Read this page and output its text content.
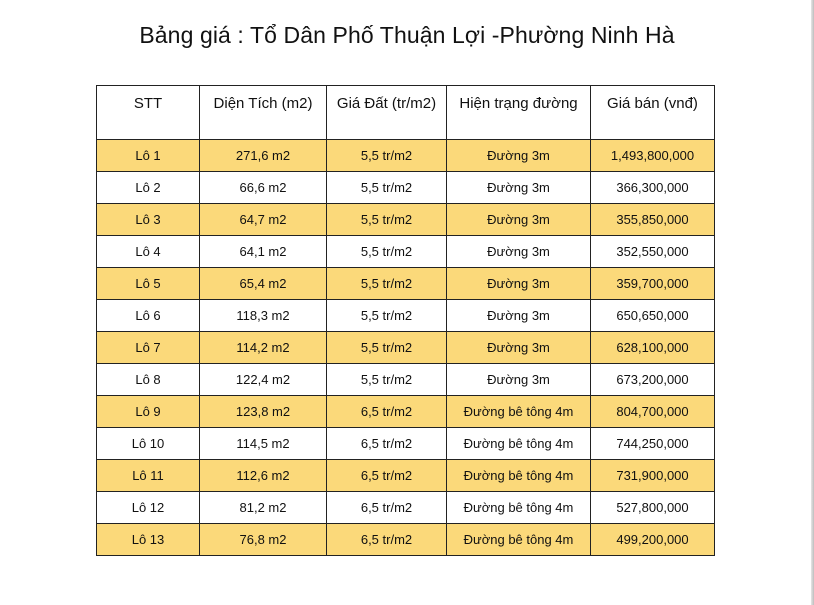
Bảng giá : Tổ Dân Phố Thuận Lợi -Phường Ninh Hà
STT	Diện Tích (m2)	Giá Đất (tr/m2)	Hiện trạng đường	Giá bán (vnđ)
Lô 1	271,6 m2	5,5 tr/m2	Đường 3m	1,493,800,000
Lô 2	66,6 m2	5,5 tr/m2	Đường 3m	366,300,000
Lô 3	64,7 m2	5,5 tr/m2	Đường 3m	355,850,000
Lô 4	64,1 m2	5,5 tr/m2	Đường 3m	352,550,000
Lô 5	65,4 m2	5,5 tr/m2	Đường 3m	359,700,000
Lô 6	118,3 m2	5,5 tr/m2	Đường 3m	650,650,000
Lô 7	114,2 m2	5,5 tr/m2	Đường 3m	628,100,000
Lô 8	122,4 m2	5,5 tr/m2	Đường 3m	673,200,000
Lô 9	123,8 m2	6,5 tr/m2	Đường bê tông 4m	804,700,000
Lô 10	114,5 m2	6,5 tr/m2	Đường bê tông 4m	744,250,000
Lô 11	112,6 m2	6,5 tr/m2	Đường bê tông 4m	731,900,000
Lô 12	81,2 m2	6,5 tr/m2	Đường bê tông 4m	527,800,000
Lô 13	76,8 m2	6,5 tr/m2	Đường bê tông 4m	499,200,000
